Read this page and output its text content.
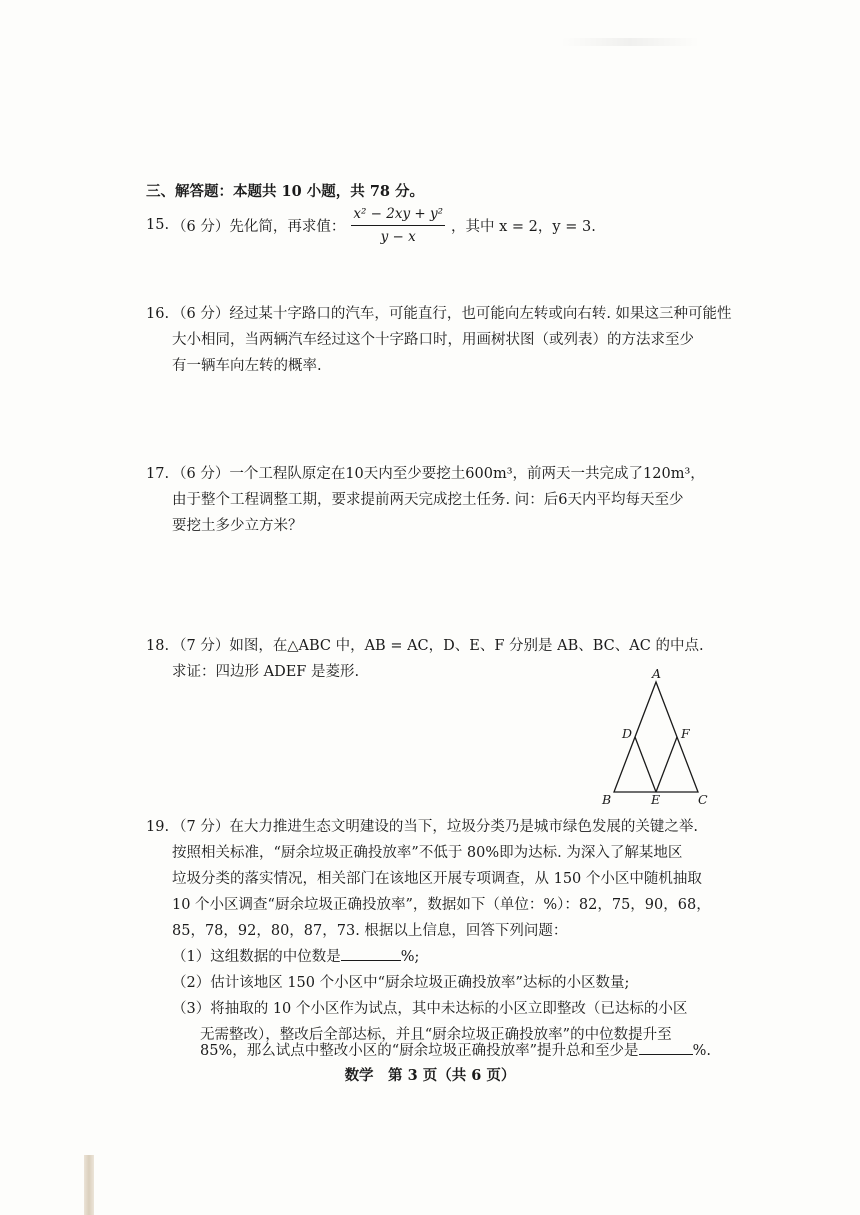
三、解答题：本题共 10 小题，共 78 分。
15. （6 分）先化简，再求值： $\frac{\text{x² − 2xy + y²}}{y - x}$ ，其中 x = 2，y = 3.
16. （6 分）经过某十字路口的汽车，可能直行，也可能向左转或向右转. 如果这三种可能性
大小相同，当两辆汽车经过这个十字路口时，用画树状图（或列表）的方法求至少
有一辆车向左转的概率.
17. （6 分）一个工程队原定在10天内至少要挖土600m³，前两天一共完成了120m³，
由于整个工程调整工期，要求提前两天完成挖土任务. 问：后6天内平均每天至少
要挖土多少立方米？
18. （7 分）如图，在△ABC 中，AB = AC，D、E、F 分别是 AB、BC、AC 的中点.
求证：四边形 ADEF 是菱形.	A
D	F
B	E	C
19. （7 分）在大力推进生态文明建设的当下，垃圾分类乃是城市绿色发展的关键之举.
按照相关标准，“厨余垃圾正确投放率”不低于 80%即为达标. 为深入了解某地区
垃圾分类的落实情况，相关部门在该地区开展专项调查，从 150 个小区中随机抽取
10 个小区调查“厨余垃圾正确投放率”，数据如下（单位：%）：82，75，90，68，
85，78，92，80，87，73. 根据以上信息，回答下列问题：
（1）这组数据的中位数是	%;
（2）估计该地区 150 个小区中“厨余垃圾正确投放率”达标的小区数量;
（3）将抽取的 10 个小区作为试点，其中未达标的小区立即整改（已达标的小区
无需整改），整改后全部达标，并且“厨余垃圾正确投放率”的中位数提升至
85%，那么试点中整改小区的“厨余垃圾正确投放率”提升总和至少是	%.
数学　第 3 页（共 6 页）
